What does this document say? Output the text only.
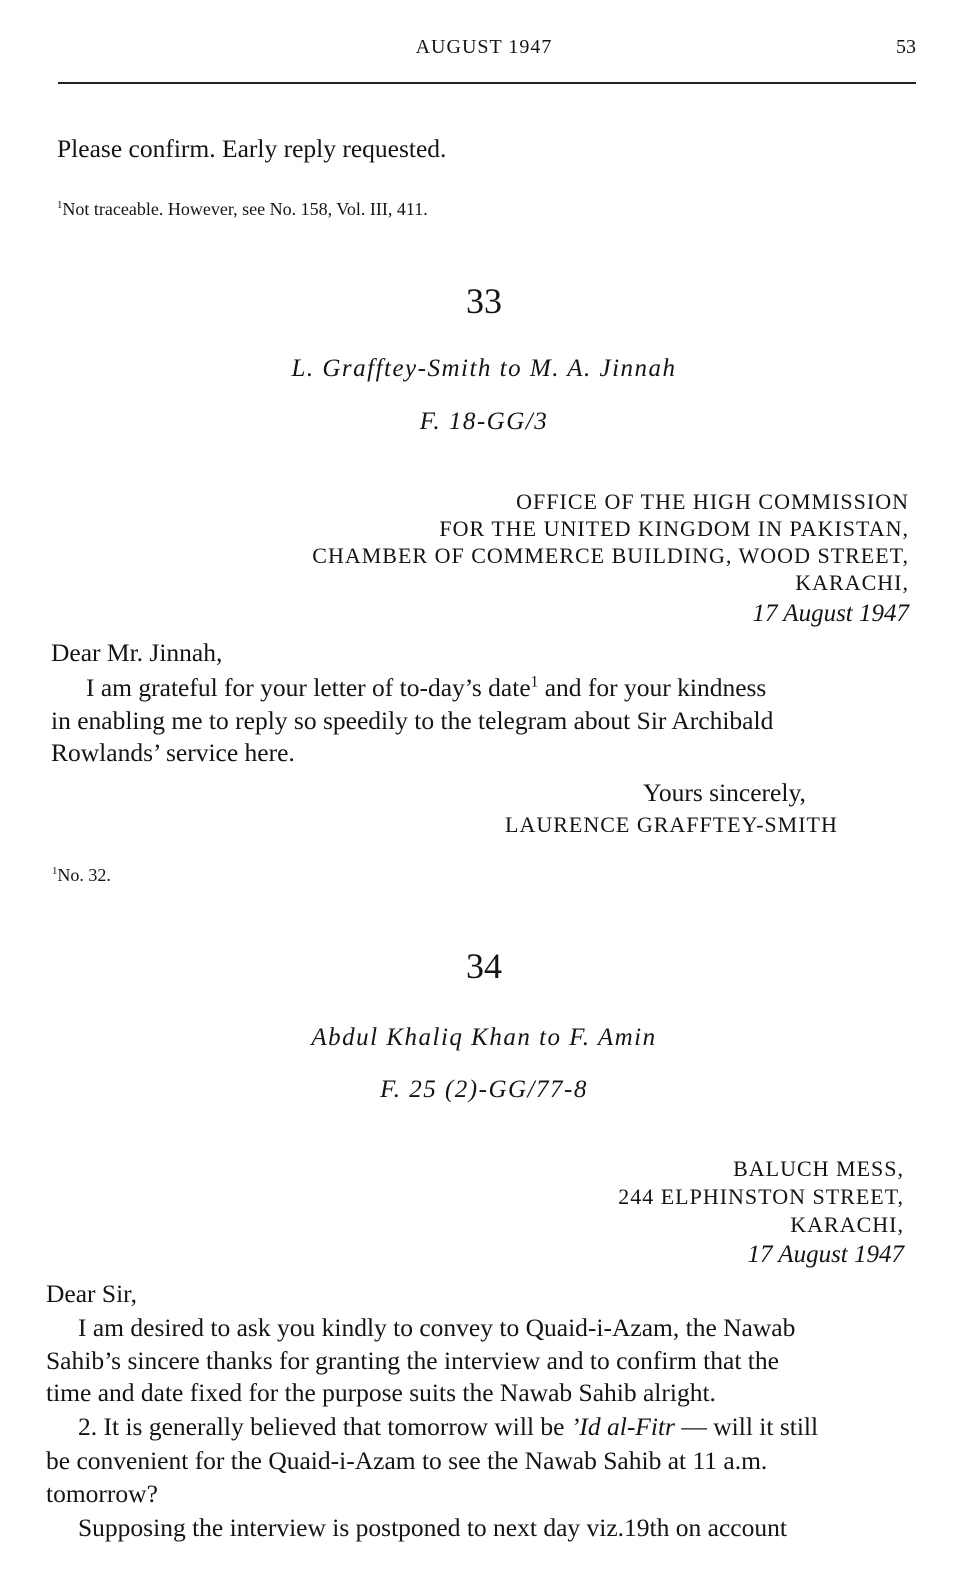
AUGUST 1947	53
Please confirm. Early reply requested.
$^1$Not traceable. However, see No. 158, Vol. III, 411.
33
L. Grafftey-Smith to M. A. Jinnah
F. 18-GG/3
OFFICE OF THE HIGH COMMISSION
FOR THE UNITED KINGDOM IN PAKISTAN,
CHAMBER OF COMMERCE BUILDING, WOOD STREET,
KARACHI,
17 August 1947
Dear Mr. Jinnah,
I am grateful for your letter of to-day’s date$^1$ and for your kindness
in enabling me to reply so speedily to the telegram about Sir Archibald
Rowlands’ service here.
Yours sincerely,
LAURENCE GRAFFTEY-SMITH
$^1$No. 32.
34
Abdul Khaliq Khan to F. Amin
F. 25 (2)-GG/77-8
BALUCH MESS,
244 ELPHINSTON STREET,
KARACHI,
17 August 1947
Dear Sir,
I am desired to ask you kindly to convey to Quaid-i-Azam, the Nawab
Sahib’s sincere thanks for granting the interview and to confirm that the
time and date fixed for the purpose suits the Nawab Sahib alright.
2. It is generally believed that tomorrow will be ’Id al-Fitr — will it still
be convenient for the Quaid-i-Azam to see the Nawab Sahib at 11 a.m.
tomorrow?
Supposing the interview is postponed to next day viz.19th on account
